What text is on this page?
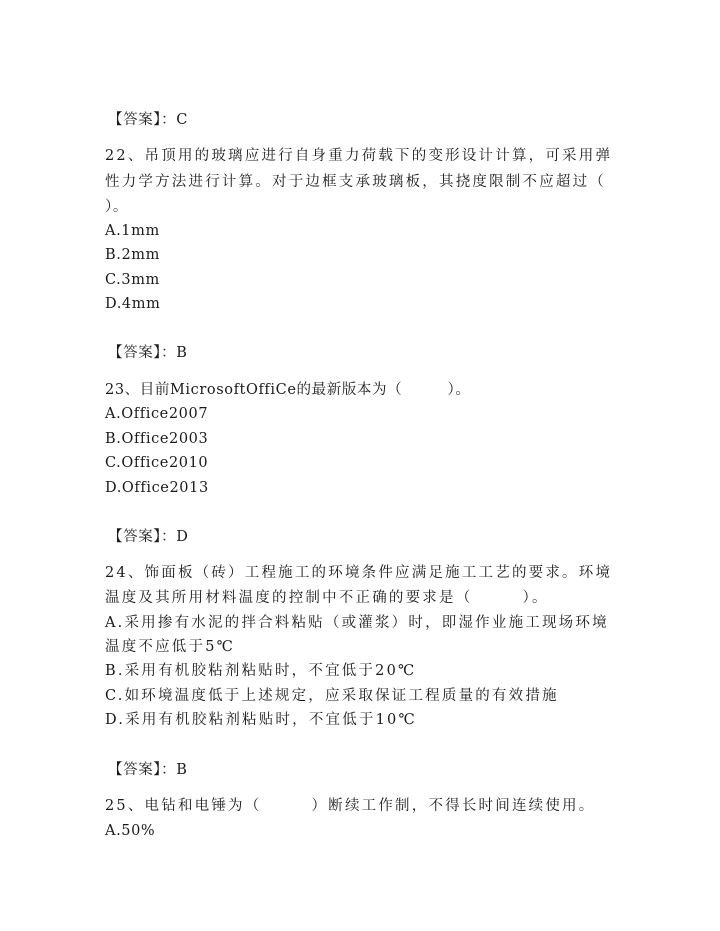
【答案】：C
22、吊顶用的玻璃应进行自身重力荷载下的变形设计计算，可采用弹
性力学方法进行计算。对于边框支承玻璃板，其挠度限制不应超过（
）。
A.1mm
B.2mm
C.3mm
D.4mm
【答案】：B
23、目前MicrosoftOffiCe的最新版本为（　　　）。
A.Office2007
B.Office2003
C.Office2010
D.Office2013
【答案】：D
24、饰面板（砖）工程施工的环境条件应满足施工工艺的要求。环境
温度及其所用材料温度的控制中不正确的要求是（　　　）。
A.采用掺有水泥的拌合料粘贴（或灌浆）时，即湿作业施工现场环境
温度不应低于5℃
B.采用有机胶粘剂粘贴时，不宜低于20℃
C.如环境温度低于上述规定，应采取保证工程质量的有效措施
D.采用有机胶粘剂粘贴时，不宜低于10℃
【答案】：B
25、电钻和电锤为（　　　）断续工作制，不得长时间连续使用。
A.50%
